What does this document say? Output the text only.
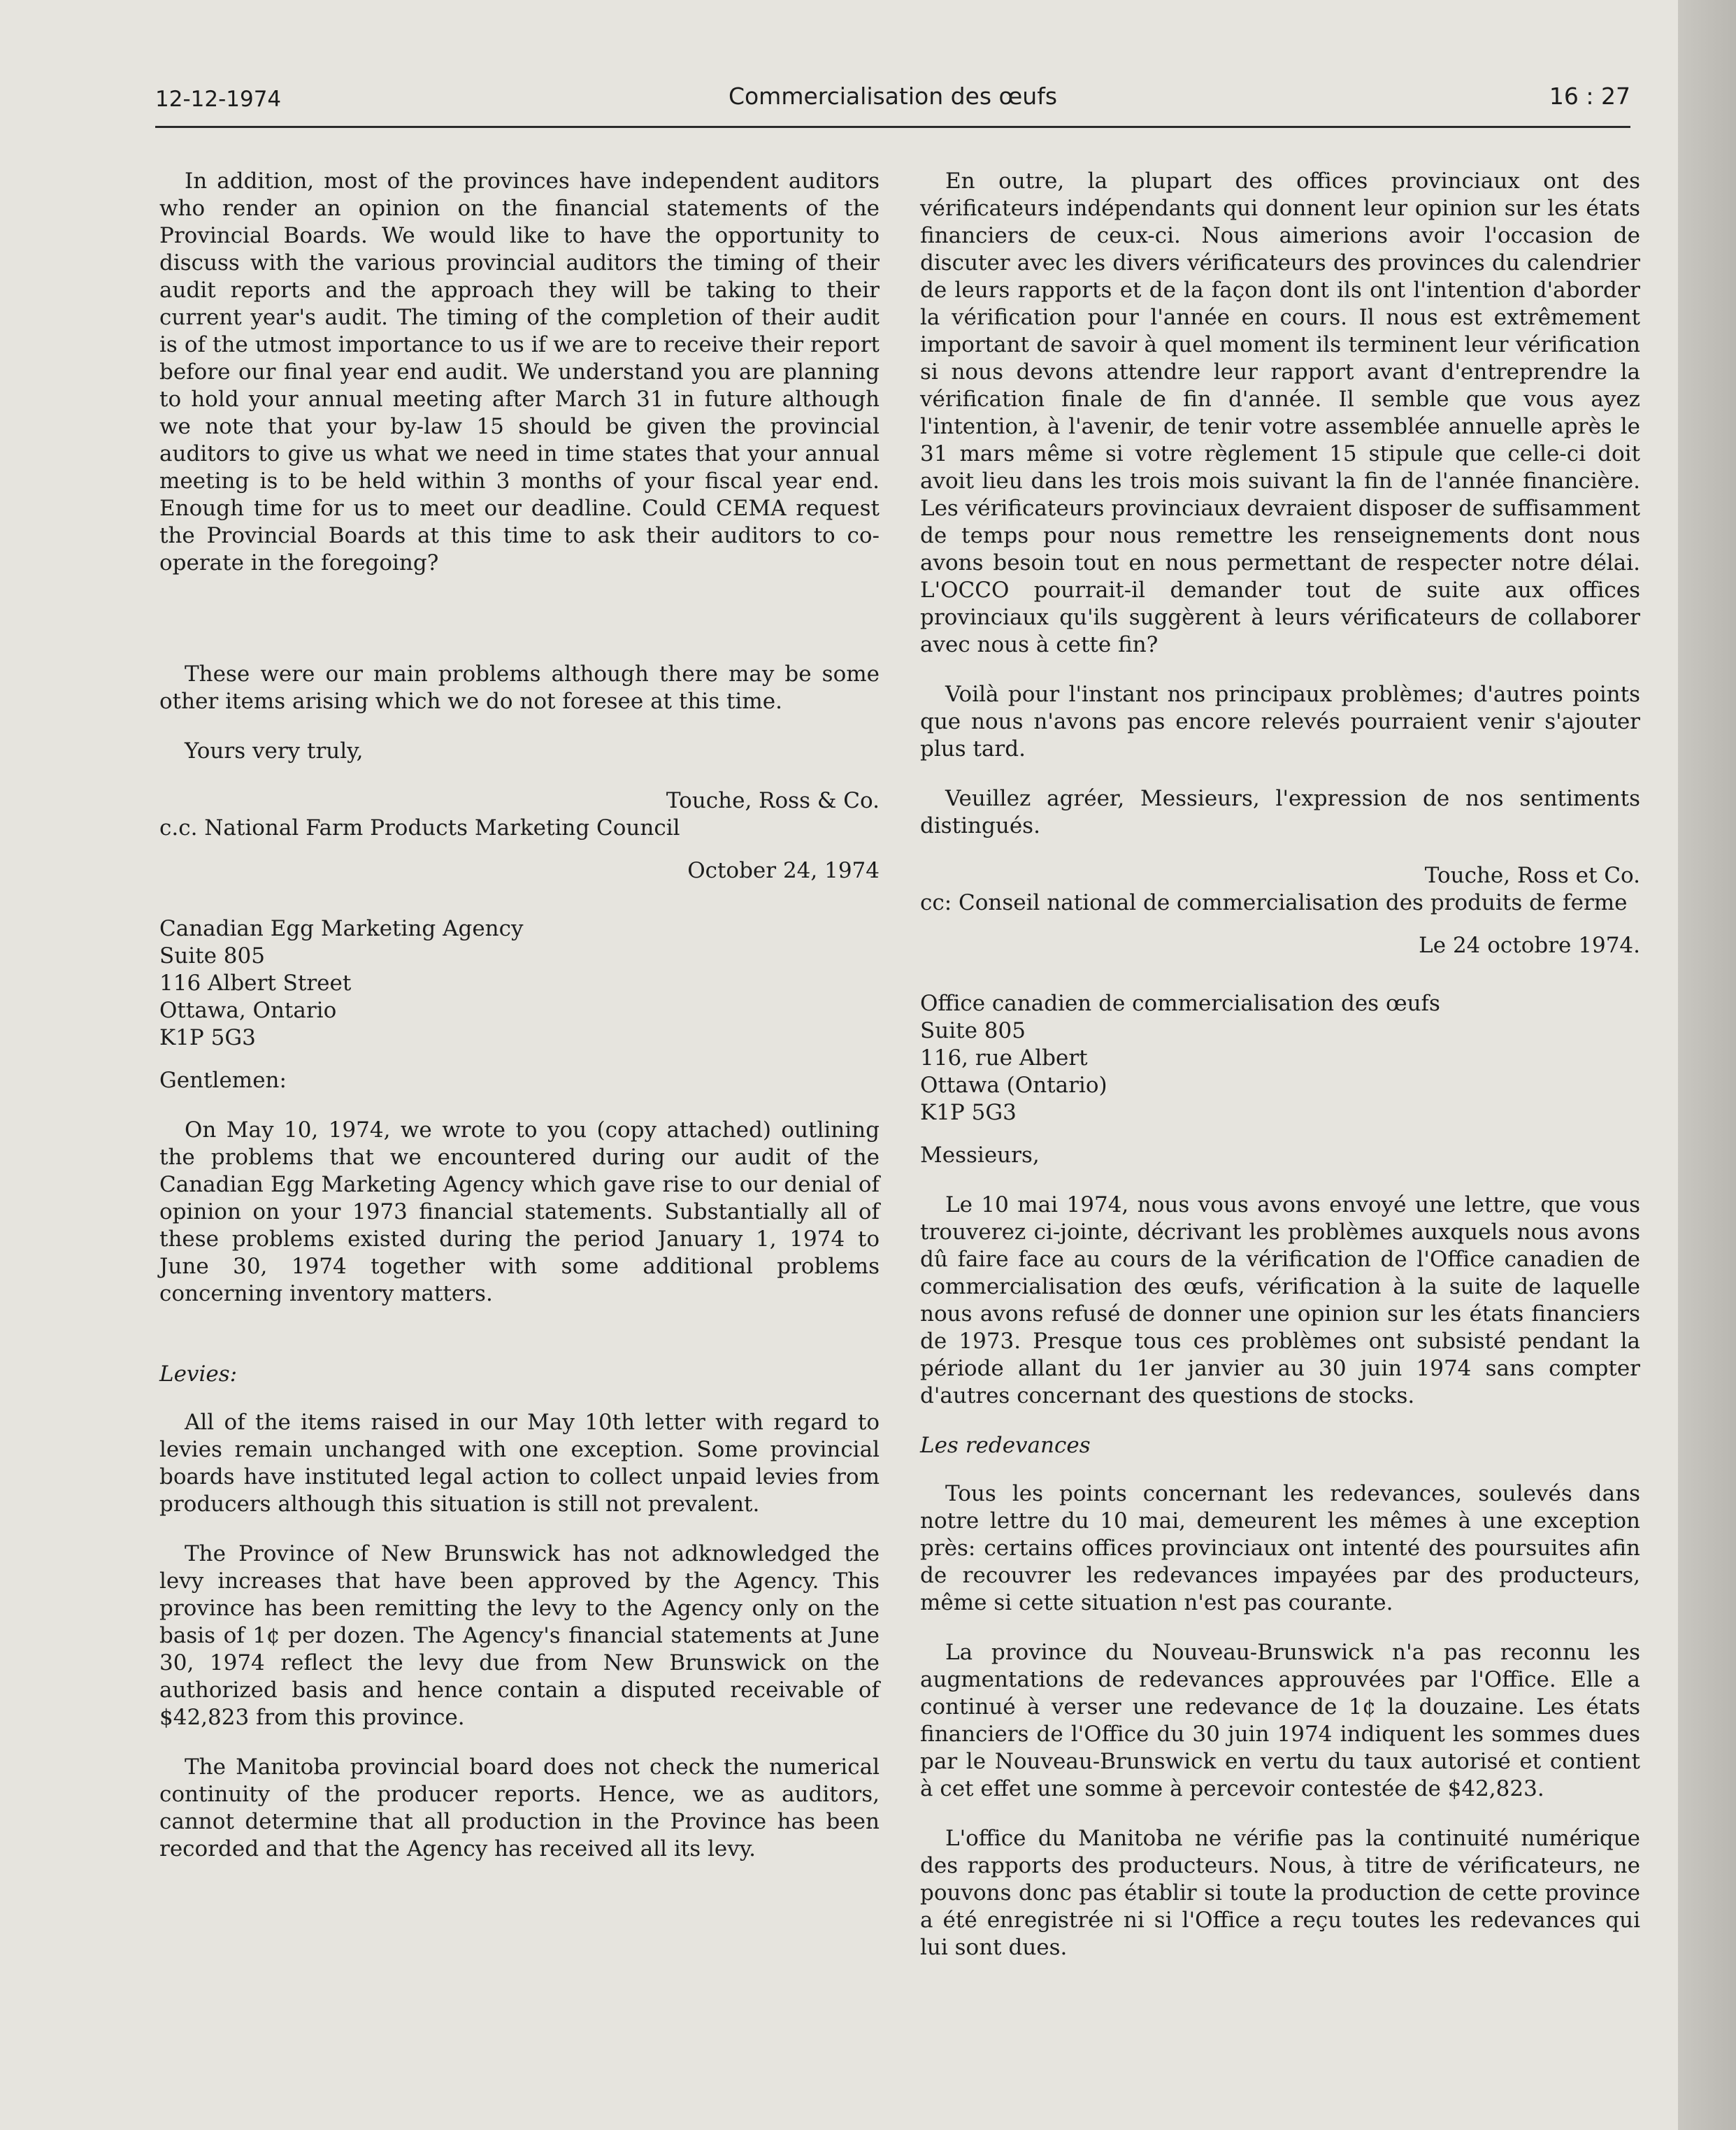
12-12-1974	Commercialisation des œufs	16 : 27

In addition, most of the provinces have independent auditors who render an opinion on the financial statements of the Provincial Boards. We would like to have the opportunity to discuss with the various provincial auditors the timing of their audit reports and the approach they will be taking to their current year's audit. The timing of the completion of their audit is of the utmost importance to us if we are to receive their report before our final year end audit. We understand you are planning to hold your annual meeting after March 31 in future although we note that your by-law 15 should be given the provincial auditors to give us what we need in time states that your annual meeting is to be held within 3 months of your fiscal year end. Enough time for us to meet our deadline. Could CEMA request the Provincial Boards at this time to ask their auditors to co-operate in the foregoing?

These were our main problems although there may be some other items arising which we do not foresee at this time.

Yours very truly,

Touche, Ross & Co.

c.c. National Farm Products Marketing Council

October 24, 1974

Canadian Egg Marketing Agency

Suite 805

116 Albert Street

Ottawa, Ontario

K1P 5G3

Gentlemen:

On May 10, 1974, we wrote to you (copy attached) outlining the problems that we encountered during our audit of the Canadian Egg Marketing Agency which gave rise to our denial of opinion on your 1973 financial statements. Substantially all of these problems existed during the period January 1, 1974 to June 30, 1974 together with some additional problems concerning inventory matters.

Levies:

All of the items raised in our May 10th letter with regard to levies remain unchanged with one exception. Some provincial boards have instituted legal action to collect unpaid levies from producers although this situation is still not prevalent.

The Province of New Brunswick has not adknowledged the levy increases that have been approved by the Agency. This province has been remitting the levy to the Agency only on the basis of 1¢ per dozen. The Agency's financial statements at June 30, 1974 reflect the levy due from New Brunswick on the authorized basis and hence contain a disputed receivable of $42,823 from this province.

The Manitoba provincial board does not check the numerical continuity of the producer reports. Hence, we as auditors, cannot determine that all production in the Province has been recorded and that the Agency has received all its levy.

En outre, la plupart des offices provinciaux ont des vérificateurs indépendants qui donnent leur opinion sur les états financiers de ceux-ci. Nous aimerions avoir l'occasion de discuter avec les divers vérificateurs des provinces du calendrier de leurs rapports et de la façon dont ils ont l'intention d'aborder la vérification pour l'année en cours. Il nous est extrêmement important de savoir à quel moment ils terminent leur vérification si nous devons attendre leur rapport avant d'entreprendre la vérification finale de fin d'année. Il semble que vous ayez l'intention, à l'avenir, de tenir votre assemblée annuelle après le 31 mars même si votre règlement 15 stipule que celle-ci doit avoit lieu dans les trois mois suivant la fin de l'année financière. Les vérificateurs provinciaux devraient disposer de suffisamment de temps pour nous remettre les renseignements dont nous avons besoin tout en nous permettant de respecter notre délai. L'OCCO pourrait-il demander tout de suite aux offices provinciaux qu'ils suggèrent à leurs vérificateurs de collaborer avec nous à cette fin?

Voilà pour l'instant nos principaux problèmes; d'autres points que nous n'avons pas encore relevés pourraient venir s'ajouter plus tard.

Veuillez agréer, Messieurs, l'expression de nos sentiments distingués.

Touche, Ross et Co.

cc: Conseil national de commercialisation des produits de ferme

Le 24 octobre 1974.

Office canadien de commercialisation des œufs

Suite 805

116, rue Albert

Ottawa (Ontario)

K1P 5G3

Messieurs,

Le 10 mai 1974, nous vous avons envoyé une lettre, que vous trouverez ci-jointe, décrivant les problèmes auxquels nous avons dû faire face au cours de la vérification de l'Office canadien de commercialisation des œufs, vérification à la suite de laquelle nous avons refusé de donner une opinion sur les états financiers de 1973. Presque tous ces problèmes ont subsisté pendant la période allant du 1er janvier au 30 juin 1974 sans compter d'autres concernant des questions de stocks.

Les redevances

Tous les points concernant les redevances, soulevés dans notre lettre du 10 mai, demeurent les mêmes à une exception près: certains offices provinciaux ont intenté des poursuites afin de recouvrer les redevances impayées par des producteurs, même si cette situation n'est pas courante.

La province du Nouveau-Brunswick n'a pas reconnu les augmentations de redevances approuvées par l'Office. Elle a continué à verser une redevance de 1¢ la douzaine. Les états financiers de l'Office du 30 juin 1974 indiquent les sommes dues par le Nouveau-Brunswick en vertu du taux autorisé et contient à cet effet une somme à percevoir contestée de $42,823.

L'office du Manitoba ne vérifie pas la continuité numérique des rapports des producteurs. Nous, à titre de vérificateurs, ne pouvons donc pas établir si toute la production de cette province a été enregistrée ni si l'Office a reçu toutes les redevances qui lui sont dues.
